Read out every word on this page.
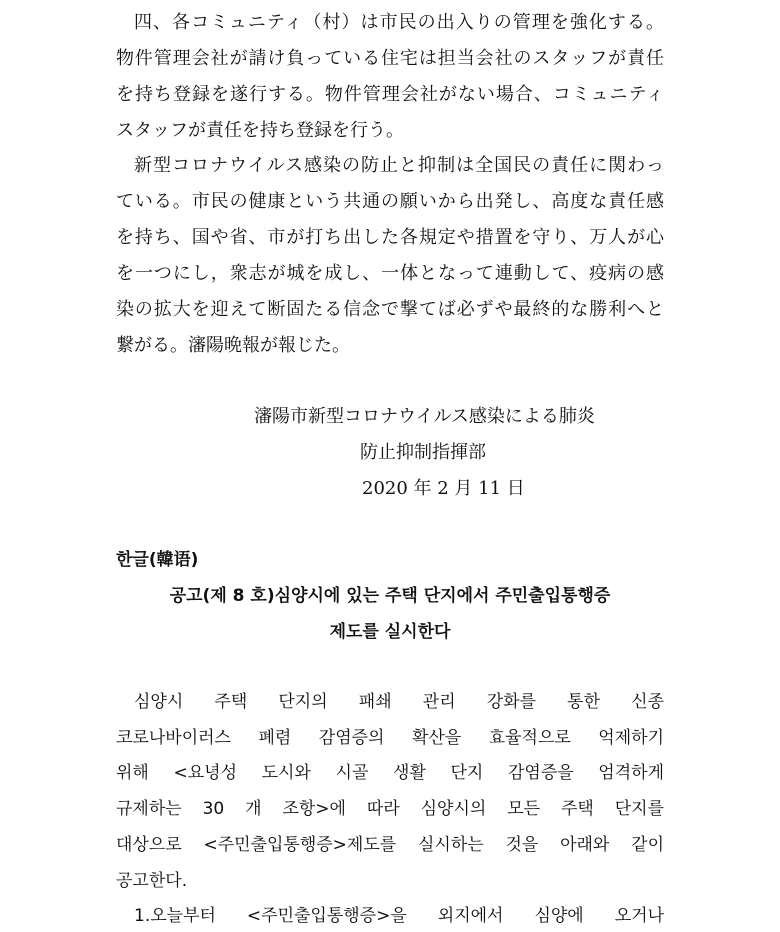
四、各コミュニティ（村）は市民の出入りの管理を強化する。
物件管理会社が請け負っている住宅は担当会社のスタッフが責任
を持ち登録を遂行する。物件管理会社がない場合、コミュニティ
スタッフが責任を持ち登録を行う。
新型コロナウイルス感染の防止と抑制は全国民の責任に関わっ
ている。市民の健康という共通の願いから出発し、高度な責任感
を持ち、国や省、市が打ち出した各規定や措置を守り、万人が心
を一つにし，衆志が城を成し、一体となって連動して、疫病の感
染の拡大を迎えて断固たる信念で撃てば必ずや最終的な勝利へと
繋がる。瀋陽晩報が報じた。
瀋陽市新型コロナウイルス感染による肺炎
防止抑制指揮部
2020 年 2 月 11 日
한글(韓语)
공고(제 8 호)심양시에 있는 주택 단지에서 주민출입통행증
제도를 실시한다
심양시 주택 단지의 패쇄 관리 강화를 통한 신종
코로나바이러스 폐렴 감염증의 확산을 효율적으로 억제하기
위해 <요녕성 도시와 시골 생활 단지 감염증을 엄격하게
규제하는 30 개 조항>에 따라 심양시의 모든 주택 단지를
대상으로 <주민출입통행증>제도를 실시하는 것을 아래와 같이
공고한다.
1.오늘부터 <주민출입통행증>을 외지에서 심양에 오거나
